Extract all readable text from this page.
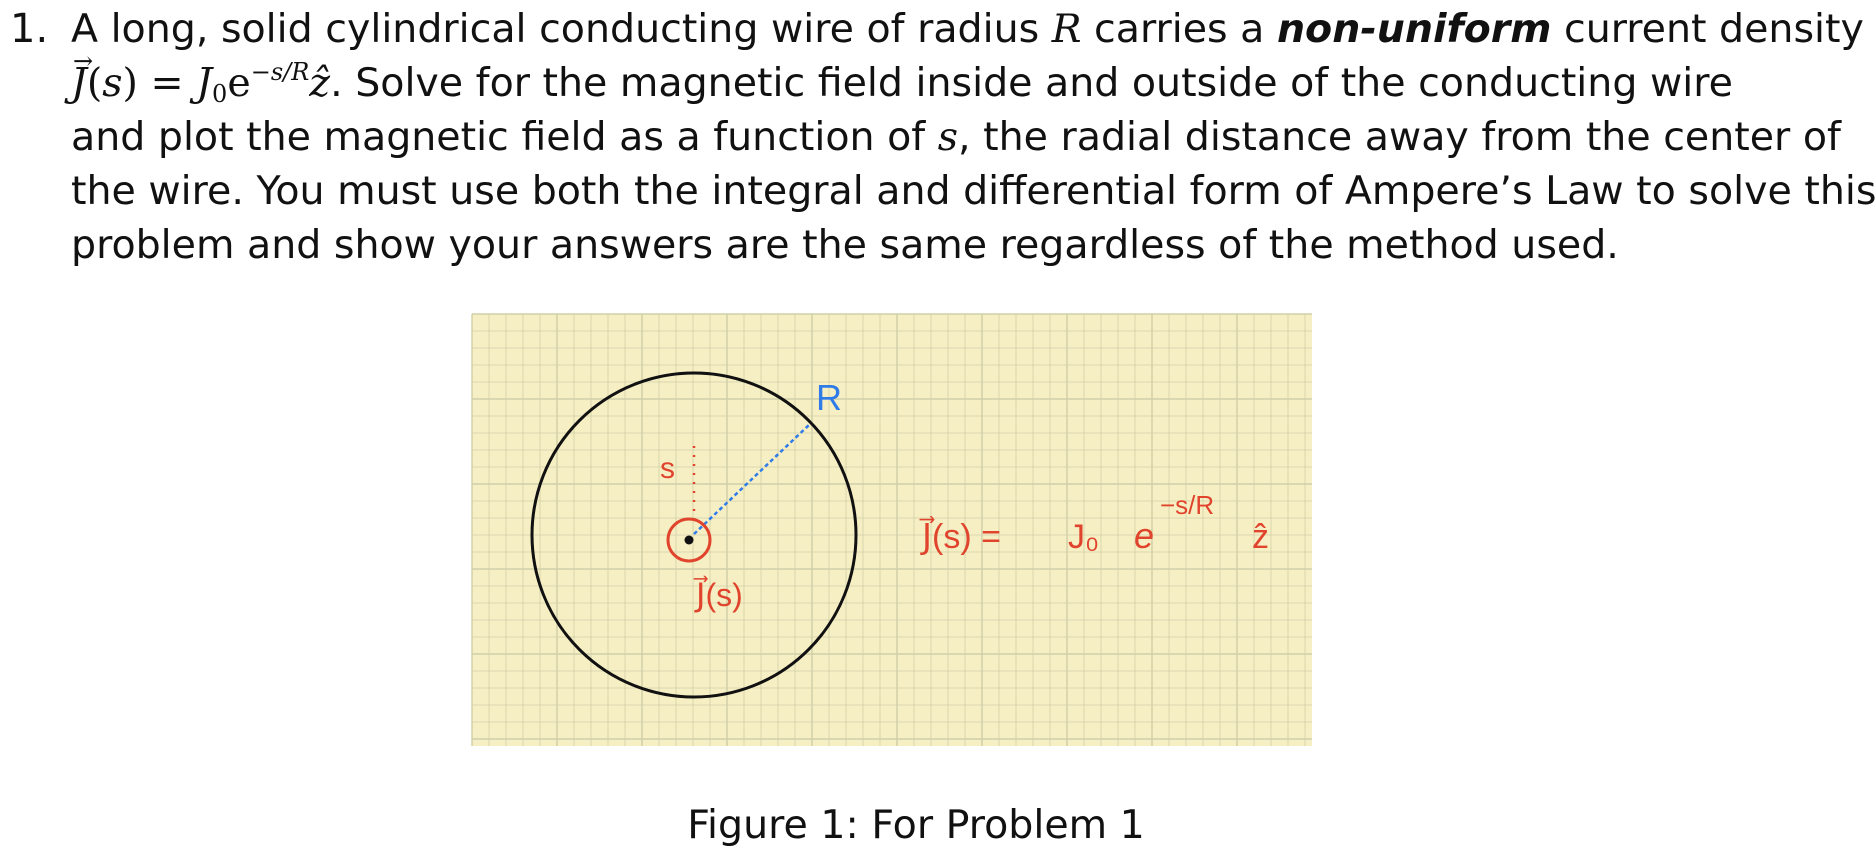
1. A long, solid cylindrical conducting wire of radius R carries a non-uniform current density
→ $J(s) = J_0e^{-s/R}ẑ$. Solve for the magnetic field inside and outside of the conducting wire
and plot the magnetic field as a function of s, the radial distance away from the center of
the wire. You must use both the integral and differential form of Ampere’s Law to solve this
problem and show your answers are the same regardless of the method used.
R
s
J⃗(s)
J⃗(s) = J₀ e
−s/R
ẑ
Figure 1: For Problem 1
